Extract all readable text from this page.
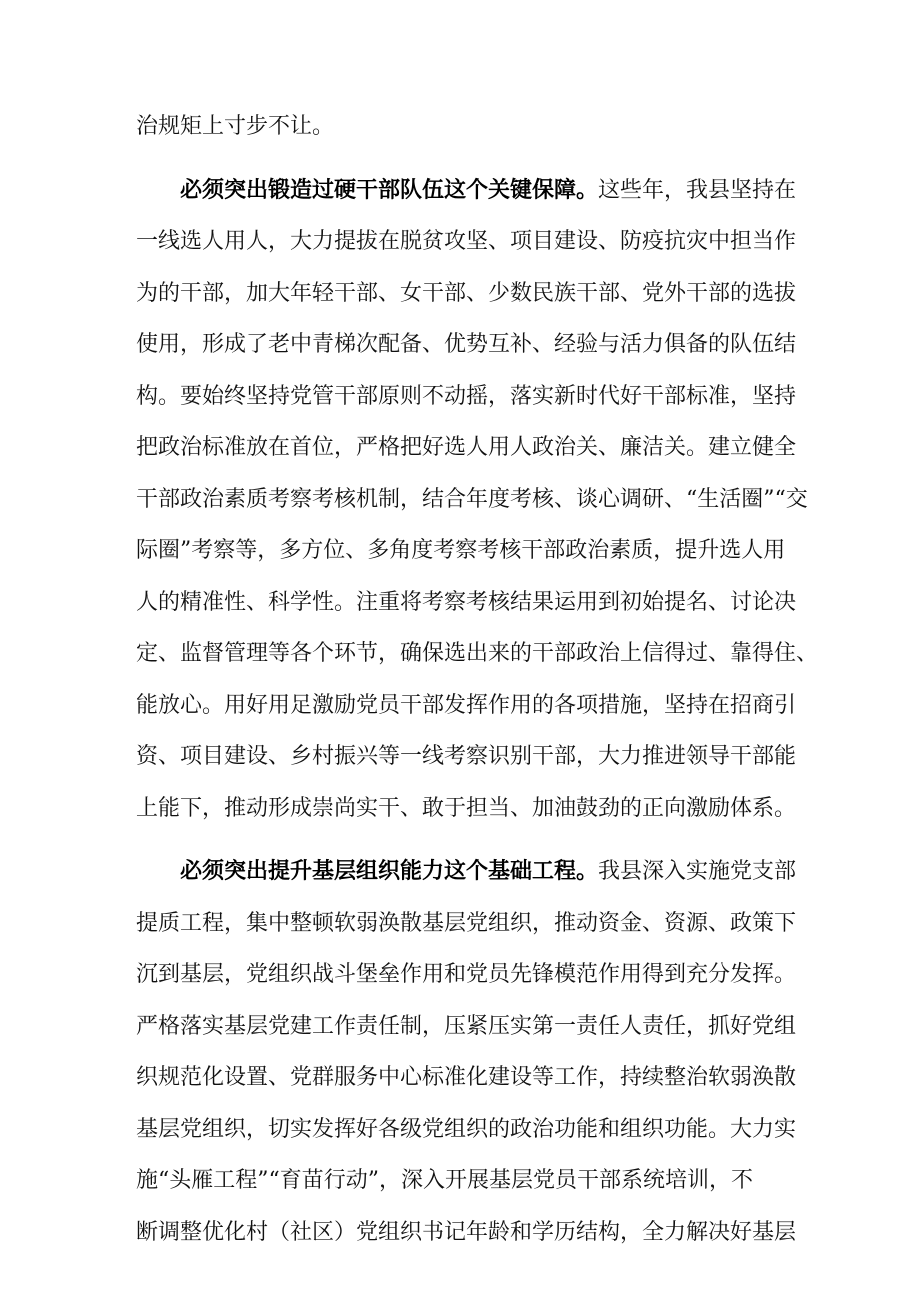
治规矩上寸步不让。
必须突出锻造过硬干部队伍这个关键保障。这些年，我县坚持在
一线选人用人，大力提拔在脱贫攻坚、项目建设、防疫抗灾中担当作
为的干部，加大年轻干部、女干部、少数民族干部、党外干部的选拔
使用，形成了老中青梯次配备、优势互补、经验与活力俱备的队伍结
构。要始终坚持党管干部原则不动摇，落实新时代好干部标准，坚持
把政治标准放在首位，严格把好选人用人政治关、廉洁关。建立健全
干部政治素质考察考核机制，结合年度考核、谈心调研、“生活圈”“交
际圈”考察等，多方位、多角度考察考核干部政治素质，提升选人用
人的精准性、科学性。注重将考察考核结果运用到初始提名、讨论决
定、监督管理等各个环节，确保选出来的干部政治上信得过、靠得住、
能放心。用好用足激励党员干部发挥作用的各项措施，坚持在招商引
资、项目建设、乡村振兴等一线考察识别干部，大力推进领导干部能
上能下，推动形成崇尚实干、敢于担当、加油鼓劲的正向激励体系。
必须突出提升基层组织能力这个基础工程。我县深入实施党支部
提质工程，集中整顿软弱涣散基层党组织，推动资金、资源、政策下
沉到基层，党组织战斗堡垒作用和党员先锋模范作用得到充分发挥。
严格落实基层党建工作责任制，压紧压实第一责任人责任，抓好党组
织规范化设置、党群服务中心标准化建设等工作，持续整治软弱涣散
基层党组织，切实发挥好各级党组织的政治功能和组织功能。大力实
施“头雁工程”“育苗行动”，深入开展基层党员干部系统培训，不
断调整优化村（社区）党组织书记年龄和学历结构，全力解决好基层
